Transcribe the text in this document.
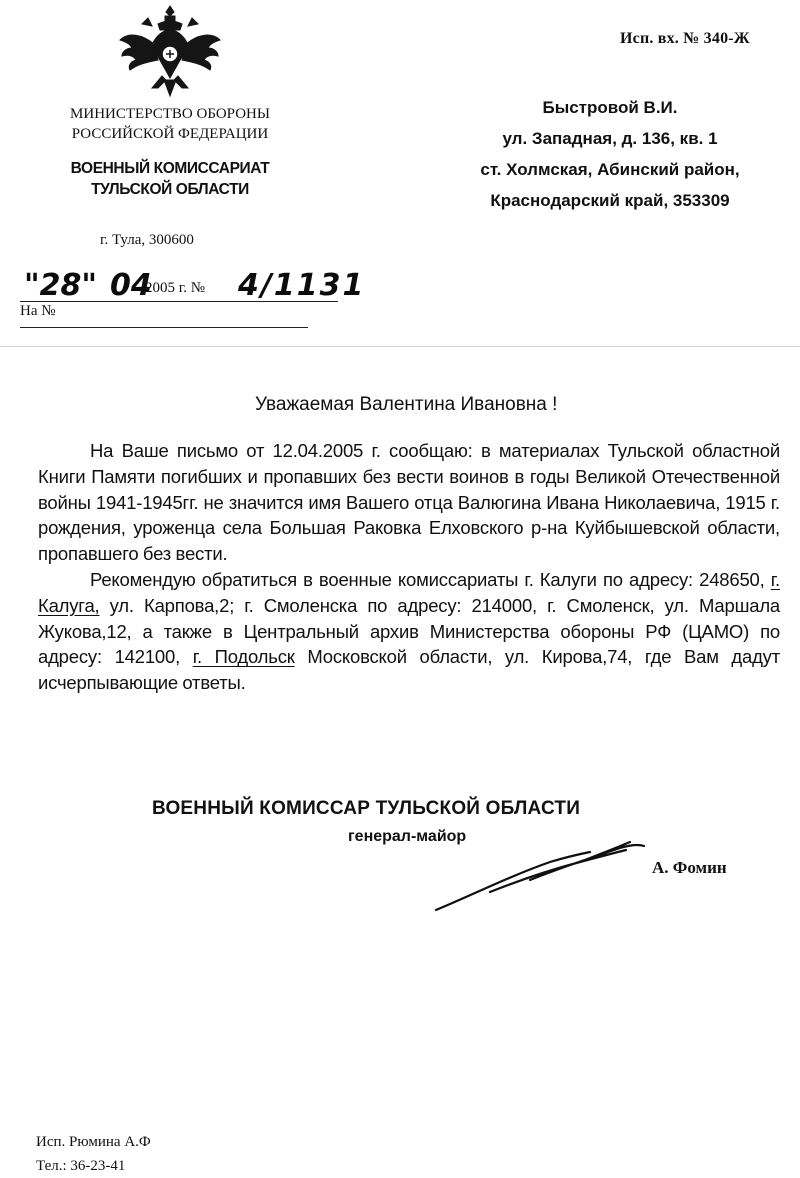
Исп. вх. № 340-Ж
МИНИСТЕРСТВО ОБОРОНЫ
РОССИЙСКОЙ ФЕДЕРАЦИИ
ВОЕННЫЙ КОМИССАРИАТ
ТУЛЬСКОЙ ОБЛАСТИ
г. Тула, 300600
Быстровой В.И.
ул. Западная, д. 136, кв. 1
ст. Холмская, Абинский район,
Краснодарский край, 353309
"28" 04
2005 г. № 4/1131
На №
Уважаемая Валентина Ивановна !

На Ваше письмо от 12.04.2005 г. сообщаю: в материалах Тульской областной Книги Памяти погибших и пропавших без вести воинов в годы Великой Отечественной войны 1941-1945гг. не значится имя Вашего отца Валюгина Ивана Николаевича, 1915 г. рождения, уроженца села Большая Раковка Елховского р-на Куйбышевской области, пропавшего без вести.

Рекомендую обратиться в военные комиссариаты г. Калуги по адресу: 248650, г. Калуга, ул. Карпова,2; г. Смоленска по адресу: 214000, г. Смоленск, ул. Маршала Жукова,12, а также в Центральный архив Министерства обороны РФ (ЦАМО) по адресу: 142100, г. Подольск Московской области, ул. Кирова,74, где Вам дадут исчерпывающие ответы.

ВОЕННЫЙ КОМИССАР ТУЛЬСКОЙ ОБЛАСТИ
генерал-майор
А. Фомин
Исп. Рюмина А.Ф
Тел.: 36-23-41
